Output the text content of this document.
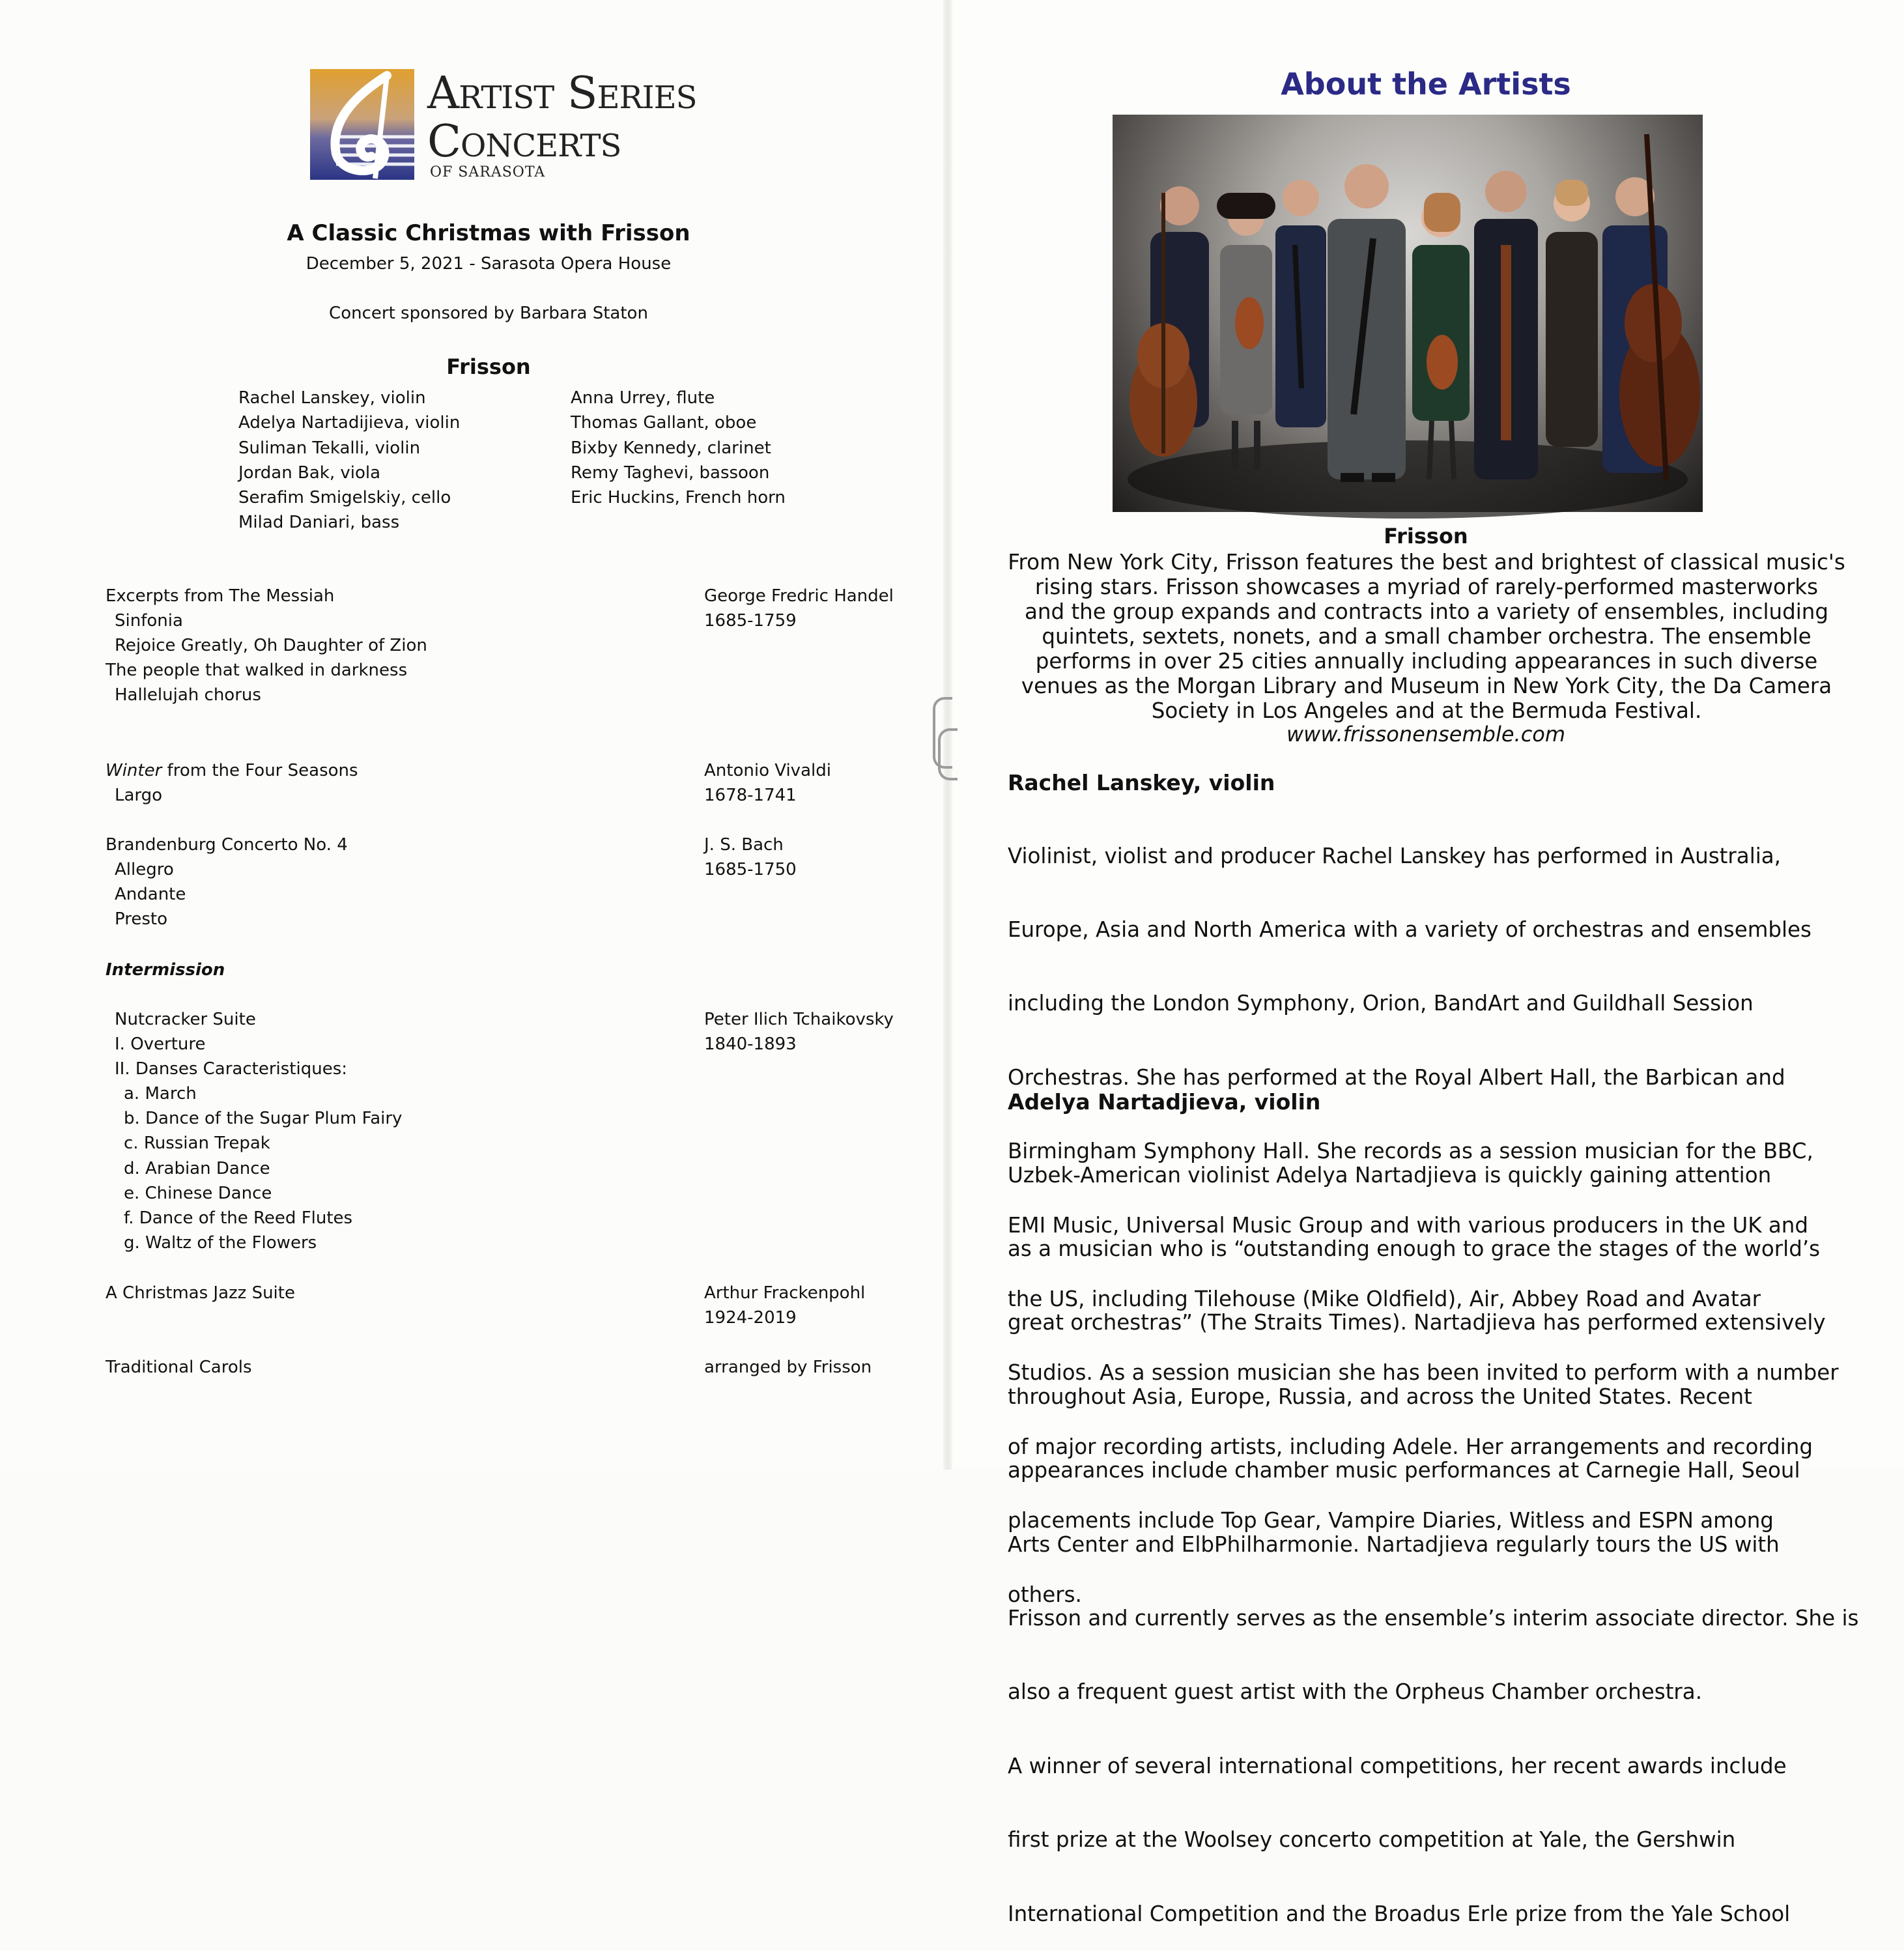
Artist Series
Concerts
OF SARASOTA
A Classic Christmas with Frisson
December 5, 2021 - Sarasota Opera House
Concert sponsored by Barbara Staton
Frisson
Rachel Lanskey, violin
Adelya Nartadijieva, violin
Suliman Tekalli, violin
Jordan Bak, viola
Serafim Smigelskiy, cello
Milad Daniari, bass
Anna Urrey, flute
Thomas Gallant, oboe
Bixby Kennedy, clarinet
Remy Taghevi, bassoon
Eric Huckins, French horn
Excerpts from The Messiah
Sinfonia
Rejoice Greatly, Oh Daughter of Zion
The people that walked in darkness
Hallelujah chorus
George Fredric Handel
1685-1759
Winter from the Four Seasons
Largo
Antonio Vivaldi
1678-1741
Brandenburg Concerto No. 4
Allegro
Andante
Presto
J. S. Bach
1685-1750
Intermission
Nutcracker Suite
I. Overture
II. Danses Caracteristiques:
a. March
b. Dance of the Sugar Plum Fairy
c. Russian Trepak
d. Arabian Dance
e. Chinese Dance
f. Dance of the Reed Flutes
g. Waltz of the Flowers
Peter Ilich Tchaikovsky
1840-1893
A Christmas Jazz Suite	Arthur Frackenpohl
1924-2019
Traditional Carols	arranged by Frisson
About the Artists
Frisson
From New York City, Frisson features the best and brightest of classical music's
rising stars. Frisson showcases a myriad of rarely-performed masterworks
and the group expands and contracts into a variety of ensembles, including
quintets, sextets, nonets, and a small chamber orchestra. The ensemble
performs in over 25 cities annually including appearances in such diverse
venues as the Morgan Library and Museum in New York City, the Da Camera
Society in Los Angeles and at the Bermuda Festival.
www.frissonensemble.com
Rachel Lanskey, violin

Violinist, violist and producer Rachel Lanskey has performed in Australia,

Europe, Asia and North America with a variety of orchestras and ensembles

including the London Symphony, Orion, BandArt and Guildhall Session

Orchestras. She has performed at the Royal Albert Hall, the Barbican and

Birmingham Symphony Hall. She records as a session musician for the BBC,

EMI Music, Universal Music Group and with various producers in the UK and

the US, including Tilehouse (Mike Oldfield), Air, Abbey Road and Avatar

Studios. As a session musician she has been invited to perform with a number

of major recording artists, including Adele. Her arrangements and recording

placements include Top Gear, Vampire Diaries, Witless and ESPN among

others.

Adelya Nartadjieva, violin

Uzbek-American violinist Adelya Nartadjieva is quickly gaining attention

as a musician who is “outstanding enough to grace the stages of the world’s

great orchestras” (The Straits Times). Nartadjieva has performed extensively

throughout Asia, Europe, Russia, and across the United States. Recent

appearances include chamber music performances at Carnegie Hall, Seoul

Arts Center and ElbPhilharmonie. Nartadjieva regularly tours the US with

Frisson and currently serves as the ensemble’s interim associate director. She is

also a frequent guest artist with the Orpheus Chamber orchestra.

A winner of several international competitions, her recent awards include

first prize at the Woolsey concerto competition at Yale, the Gershwin

International Competition and the Broadus Erle prize from the Yale School
